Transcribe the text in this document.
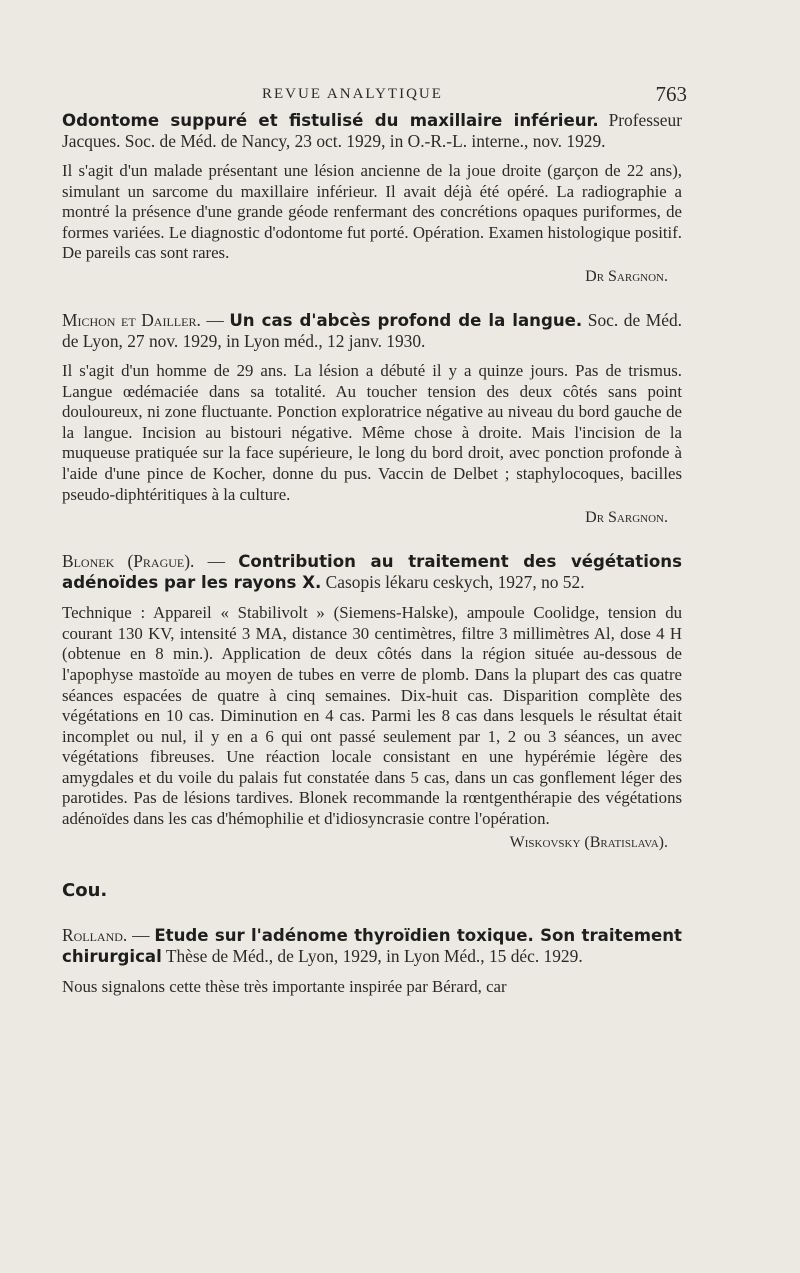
REVUE ANALYTIQUE	763

Odontome suppuré et fistulisé du maxillaire inférieur. Professeur Jacques. Soc. de Méd. de Nancy, 23 oct. 1929, in O.-R.-L. interne., nov. 1929.

Il s'agit d'un malade présentant une lésion ancienne de la joue droite (garçon de 22 ans), simulant un sarcome du maxillaire inférieur. Il avait déjà été opéré. La radiographie a montré la présence d'une grande géode renfermant des concrétions opaques puriformes, de formes variées. Le diagnostic d'odontome fut porté. Opération. Examen histologique positif. De pareils cas sont rares.

Dr Sargnon.

Michon et Dailler. — Un cas d'abcès profond de la langue. Soc. de Méd. de Lyon, 27 nov. 1929, in Lyon méd., 12 janv. 1930.

Il s'agit d'un homme de 29 ans. La lésion a débuté il y a quinze jours. Pas de trismus. Langue œdémaciée dans sa totalité. Au toucher tension des deux côtés sans point douloureux, ni zone fluctuante. Ponction exploratrice négative au niveau du bord gauche de la langue. Incision au bistouri négative. Même chose à droite. Mais l'incision de la muqueuse pratiquée sur la face supérieure, le long du bord droit, avec ponction profonde à l'aide d'une pince de Kocher, donne du pus. Vaccin de Delbet ; staphylocoques, bacilles pseudo-diphtéritiques à la culture.

Dr Sargnon.

Blonek (Prague). — Contribution au traitement des végétations adénoïdes par les rayons X. Casopis lékaru ceskych, 1927, no 52.

Technique : Appareil « Stabilivolt » (Siemens-Halske), ampoule Coolidge, tension du courant 130 KV, intensité 3 MA, distance 30 centimètres, filtre 3 millimètres Al, dose 4 H (obtenue en 8 min.). Application de deux côtés dans la région située au-dessous de l'apophyse mastoïde au moyen de tubes en verre de plomb. Dans la plupart des cas quatre séances espacées de quatre à cinq semaines. Dix-huit cas. Disparition complète des végétations en 10 cas. Diminution en 4 cas. Parmi les 8 cas dans lesquels le résultat était incomplet ou nul, il y en a 6 qui ont passé seulement par 1, 2 ou 3 séances, un avec végétations fibreuses. Une réaction locale consistant en une hypérémie légère des amygdales et du voile du palais fut constatée dans 5 cas, dans un cas gonflement léger des parotides. Pas de lésions tardives. Blonek recommande la rœntgenthérapie des végétations adénoïdes dans les cas d'hémophilie et d'idiosyncrasie contre l'opération.

Wiskovsky (Bratislava).
Cou.

Rolland. — Etude sur l'adénome thyroïdien toxique. Son traitement chirurgical Thèse de Méd., de Lyon, 1929, in Lyon Méd., 15 déc. 1929.

Nous signalons cette thèse très importante inspirée par Bérard, car
